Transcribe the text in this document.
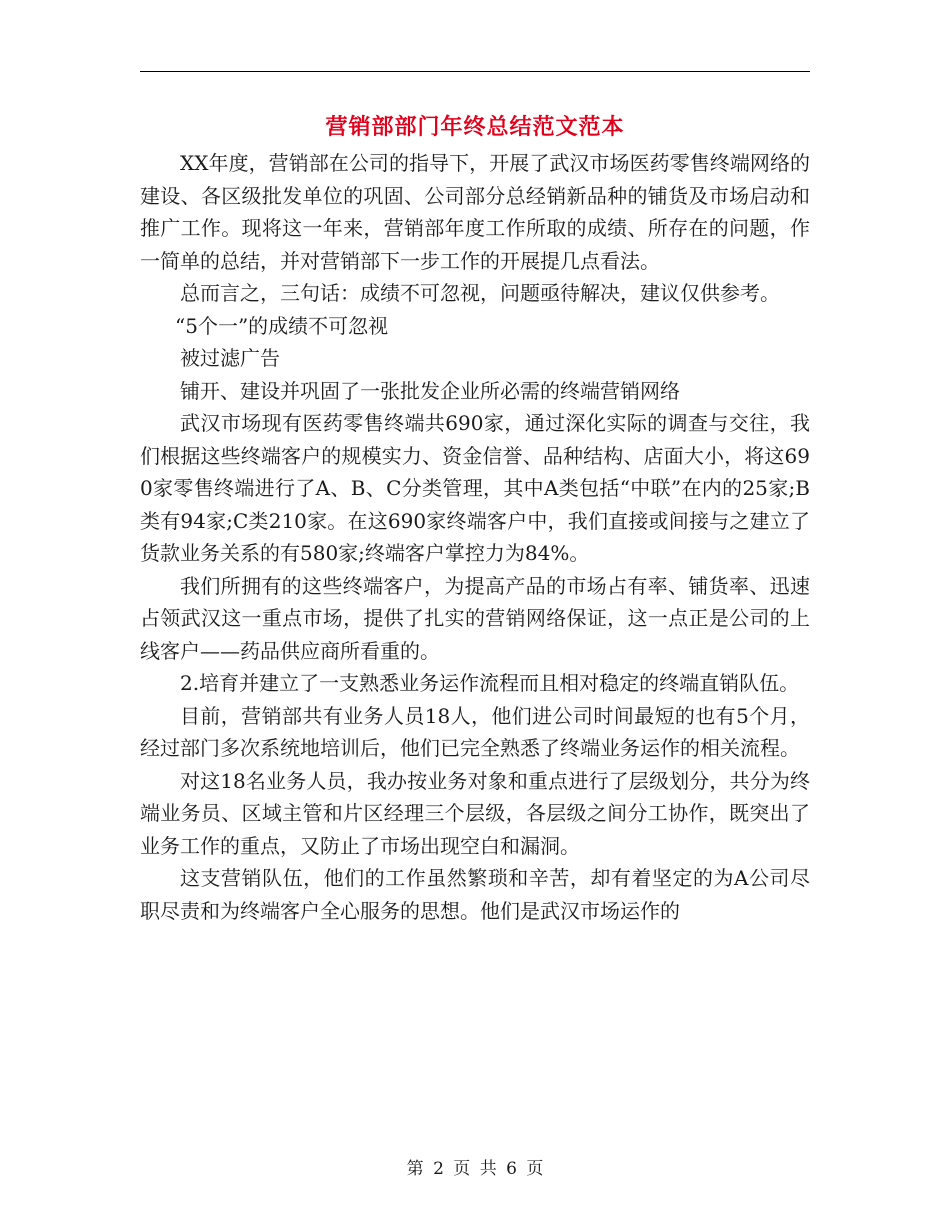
营销部部门年终总结范文范本

XX年度，营销部在公司的指导下，开展了武汉市场医药零售终端网络的建设、各区级批发单位的巩固、公司部分总经销新品种的铺货及市场启动和推广工作。现将这一年来，营销部年度工作所取的成绩、所存在的问题，作一简单的总结，并对营销部下一步工作的开展提几点看法。

总而言之，三句话：成绩不可忽视，问题亟待解决，建议仅供参考。

“5个一”的成绩不可忽视

被过滤广告

铺开、建设并巩固了一张批发企业所必需的终端营销网络

武汉市场现有医药零售终端共690家，通过深化实际的调查与交往，我们根据这些终端客户的规模实力、资金信誉、品种结构、店面大小，将这690家零售终端进行了A、B、C分类管理，其中A类包括“中联”在内的25家;B类有94家;C类210家。在这690家终端客户中，我们直接或间接与之建立了货款业务关系的有580家;终端客户掌控力为84%。

我们所拥有的这些终端客户，为提高产品的市场占有率、铺货率、迅速占领武汉这一重点市场，提供了扎实的营销网络保证，这一点正是公司的上线客户——药品供应商所看重的。

2.培育并建立了一支熟悉业务运作流程而且相对稳定的终端直销队伍。

目前，营销部共有业务人员18人，他们进公司时间最短的也有5个月，经过部门多次系统地培训后，他们已完全熟悉了终端业务运作的相关流程。

对这18名业务人员，我办按业务对象和重点进行了层级划分，共分为终端业务员、区域主管和片区经理三个层级，各层级之间分工协作，既突出了业务工作的重点，又防止了市场出现空白和漏洞。

这支营销队伍，他们的工作虽然繁琐和辛苦，却有着坚定的为A公司尽职尽责和为终端客户全心服务的思想。他们是武汉市场运作的

第 2 页 共 6 页
